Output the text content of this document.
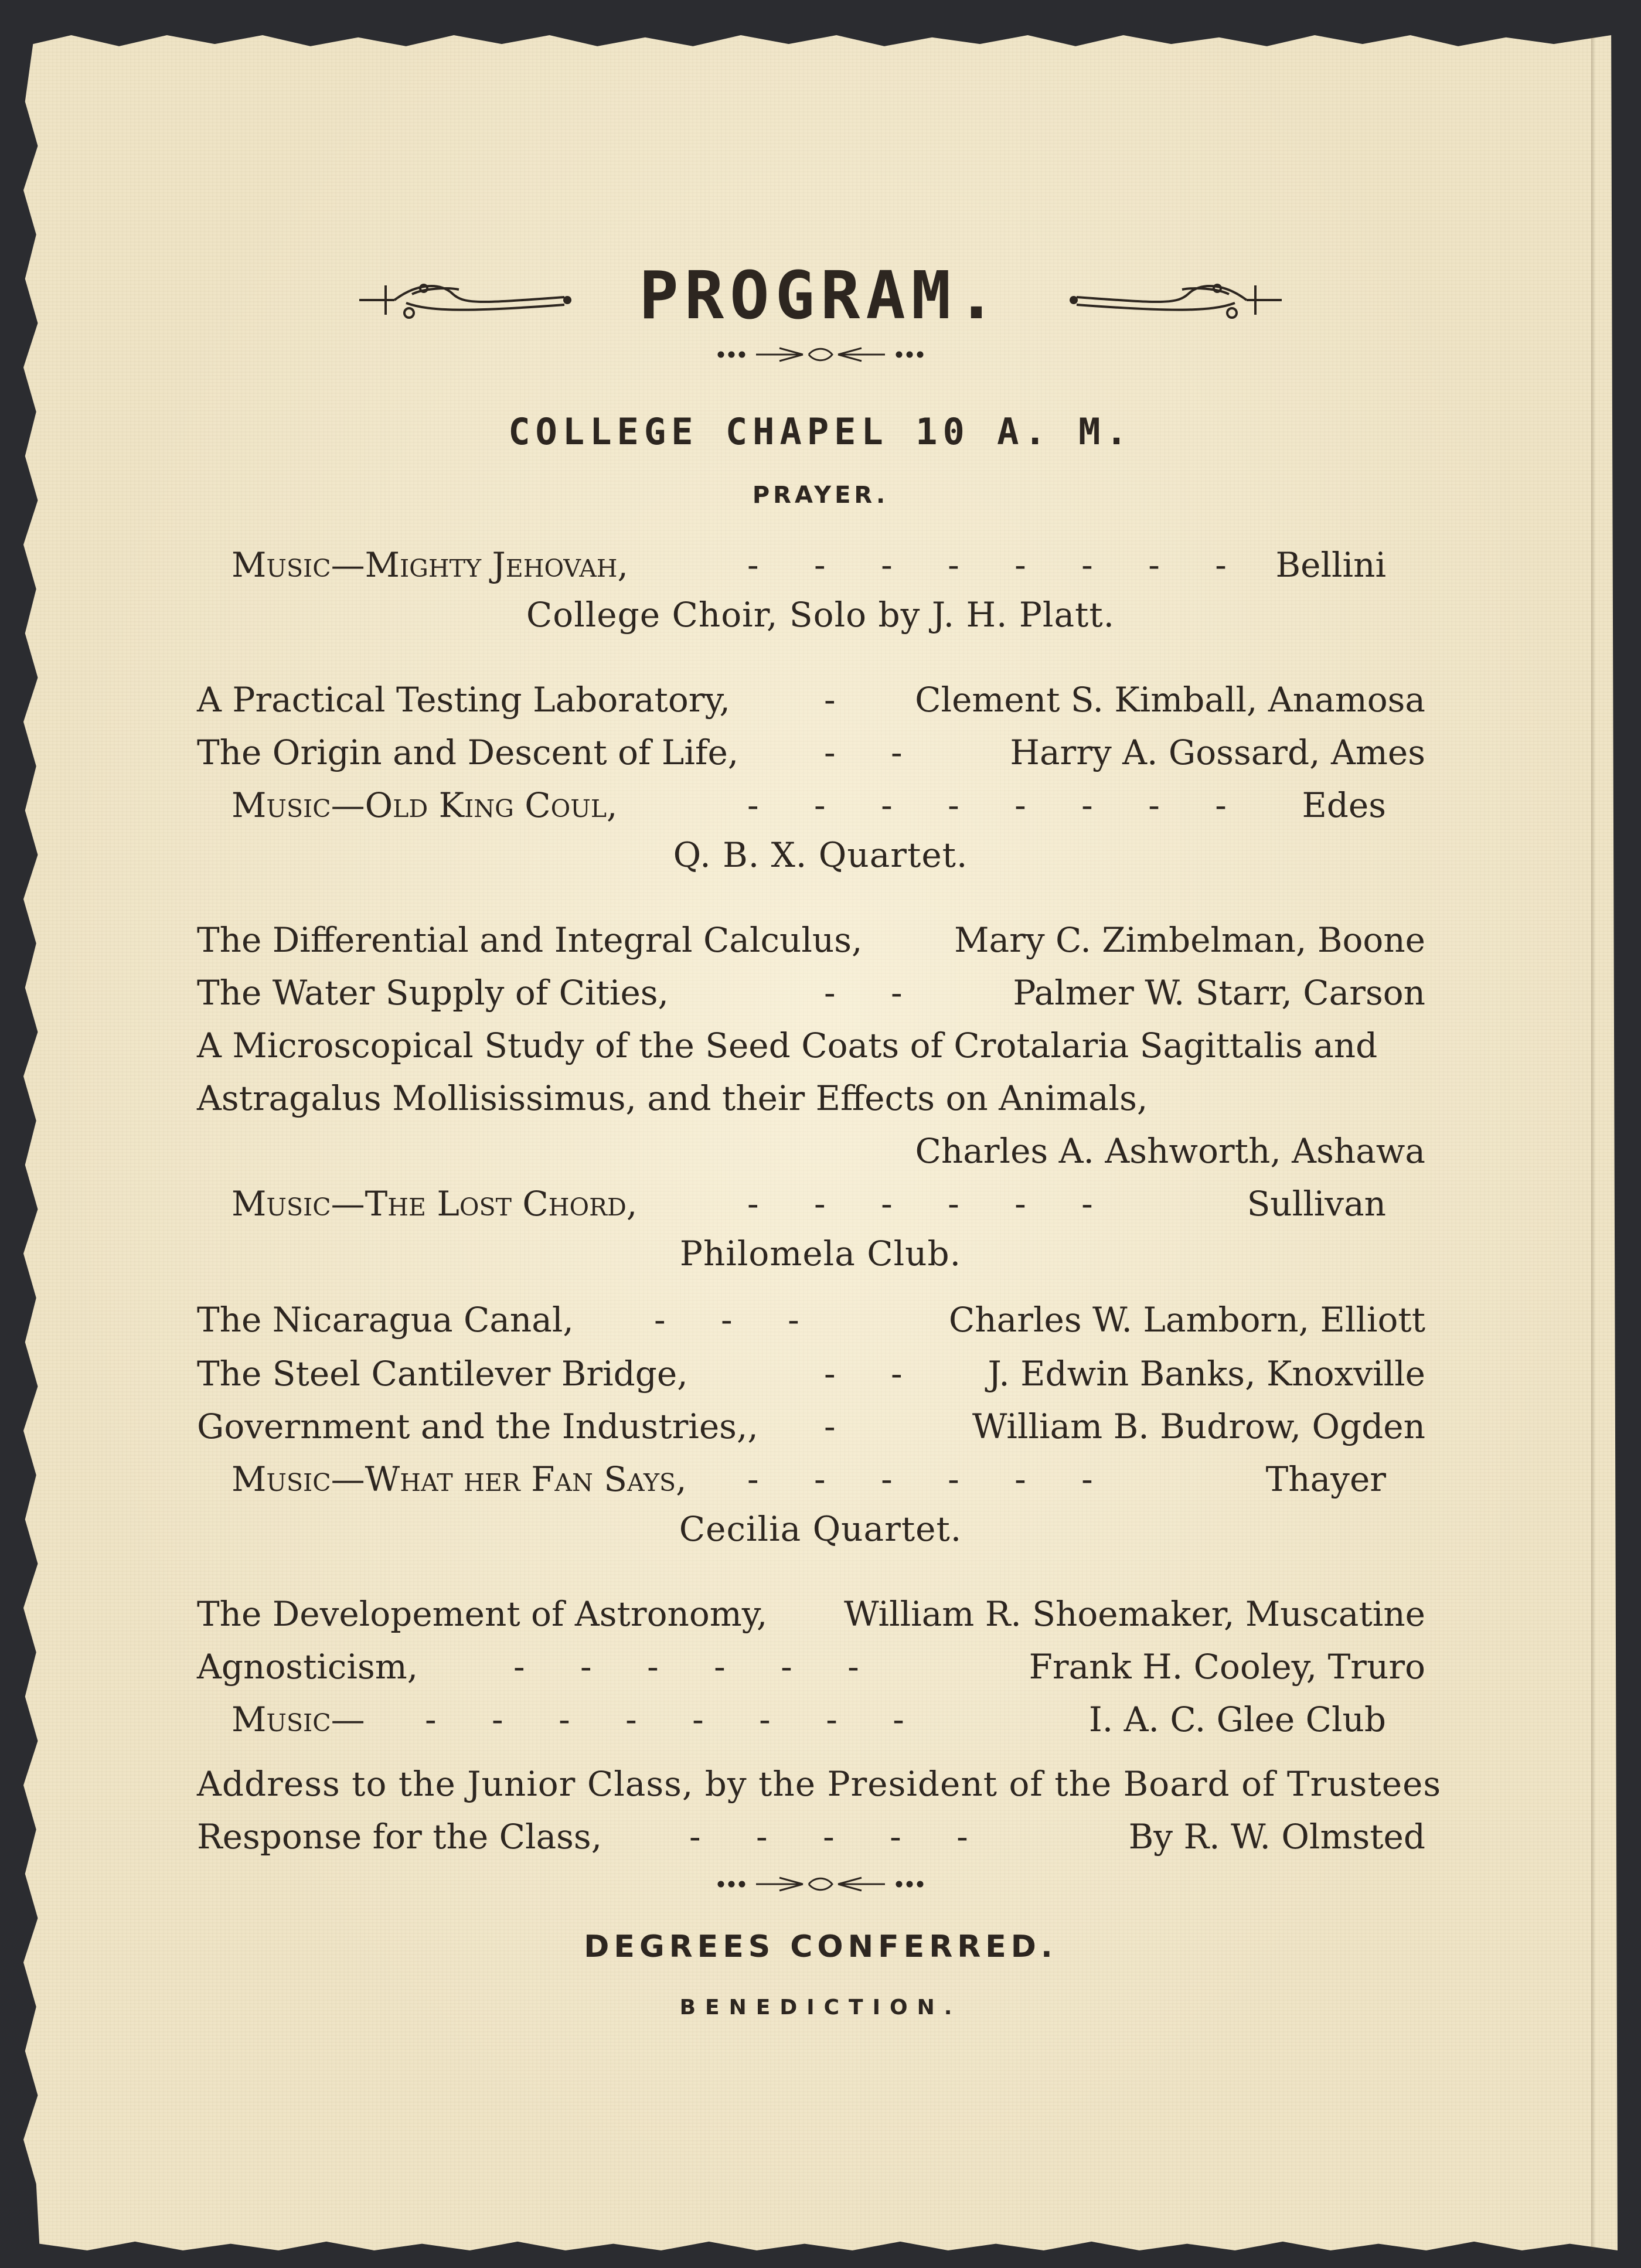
PROGRAM.
COLLEGE CHAPEL 10 A. M.
PRAYER.
Music—Mighty Jehovah,	- - - - - - - - Bellini
College Choir, Solo by J. H. Platt.
A Practical Testing Laboratory,	- Clement S. Kimball, Anamosa
The Origin and Descent of Life,	- -	Harry A. Gossard, Ames
Music—Old King Coul,	- - - - - - - - Edes
Q. B. X. Quartet.
The Differential and Integral Calculus,	Mary C. Zimbelman, Boone
The Water Supply of Cities,	- -	Palmer W. Starr, Carson
A Microscopical Study of the Seed Coats of Crotalaria Sagittalis and
Astragalus Mollisissimus, and their Effects on Animals,
Charles A. Ashworth, Ashawa
Music—The Lost Chord,	- - - - - -	Sullivan
Philomela Club.
The Nicaragua Canal, - - -	Charles W. Lamborn, Elliott
The Steel Cantilever Bridge,	- - J. Edwin Banks, Knoxville
Government and the Industries,, -	William B. Budrow, Ogden
Music—What her Fan Says, - - - - - -	Thayer
Cecilia Quartet.
The Developement of Astronomy, William R. Shoemaker, Muscatine
Agnosticism,	- - - - - -	Frank H. Cooley, Truro
Music— - - - - - - - -	I. A. C. Glee Club
Address to the Junior Class, by the President of the Board of Trustees
Response for the Class,	- - - - -	By R. W. Olmsted
DEGREES CONFERRED.
BENEDICTION.
